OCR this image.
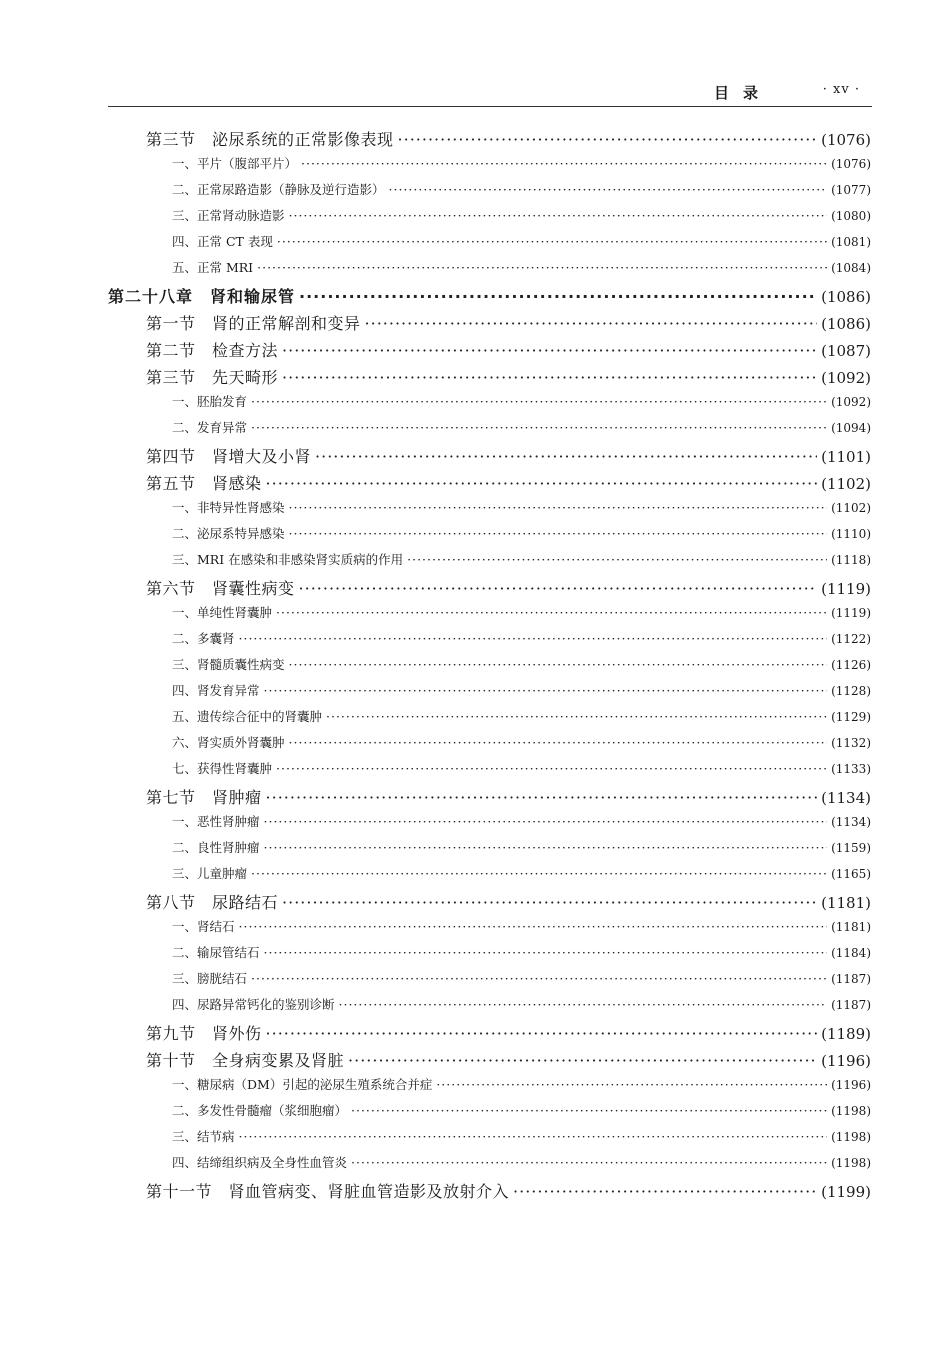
目录	· xv ·
第三节　泌尿系统的正常影像表现 ·····	(1076)
一、平片（腹部平片） ·····	(1076)
二、正常尿路造影（静脉及逆行造影） ·····	(1077)
三、正常肾动脉造影 ·····	(1080)
四、正常 CT 表现 ·····	(1081)
五、正常 MRI ·····	(1084)
第二十八章　肾和输尿管 ·····	(1086)
第一节　肾的正常解剖和变异 ·····	(1086)
第二节　检查方法 ·····	(1087)
第三节　先天畸形 ·····	(1092)
一、胚胎发育 ·····	(1092)
二、发育异常 ·····	(1094)
第四节　肾增大及小肾 ·····	(1101)
第五节　肾感染 ·····	(1102)
一、非特异性肾感染 ·····	(1102)
二、泌尿系特异感染 ·····	(1110)
三、MRI 在感染和非感染肾实质病的作用 ·····	(1118)
第六节　肾囊性病变 ·····	(1119)
一、单纯性肾囊肿 ·····	(1119)
二、多囊肾 ·····	(1122)
三、肾髓质囊性病变 ·····	(1126)
四、肾发育异常 ·····	(1128)
五、遗传综合征中的肾囊肿 ·····	(1129)
六、肾实质外肾囊肿 ·····	(1132)
七、获得性肾囊肿 ·····	(1133)
第七节　肾肿瘤 ·····	(1134)
一、恶性肾肿瘤 ·····	(1134)
二、良性肾肿瘤 ·····	(1159)
三、儿童肿瘤 ·····	(1165)
第八节　尿路结石 ·····	(1181)
一、肾结石 ·····	(1181)
二、输尿管结石 ·····	(1184)
三、膀胱结石 ·····	(1187)
四、尿路异常钙化的鉴别诊断 ·····	(1187)
第九节　肾外伤 ·····	(1189)
第十节　全身病变累及肾脏 ·····	(1196)
一、糖尿病（DM）引起的泌尿生殖系统合并症 ·····	(1196)
二、多发性骨髓瘤（浆细胞瘤） ·····	(1198)
三、结节病 ·····	(1198)
四、结缔组织病及全身性血管炎 ·····	(1198)
第十一节　肾血管病变、肾脏血管造影及放射介入 ·····	(1199)
